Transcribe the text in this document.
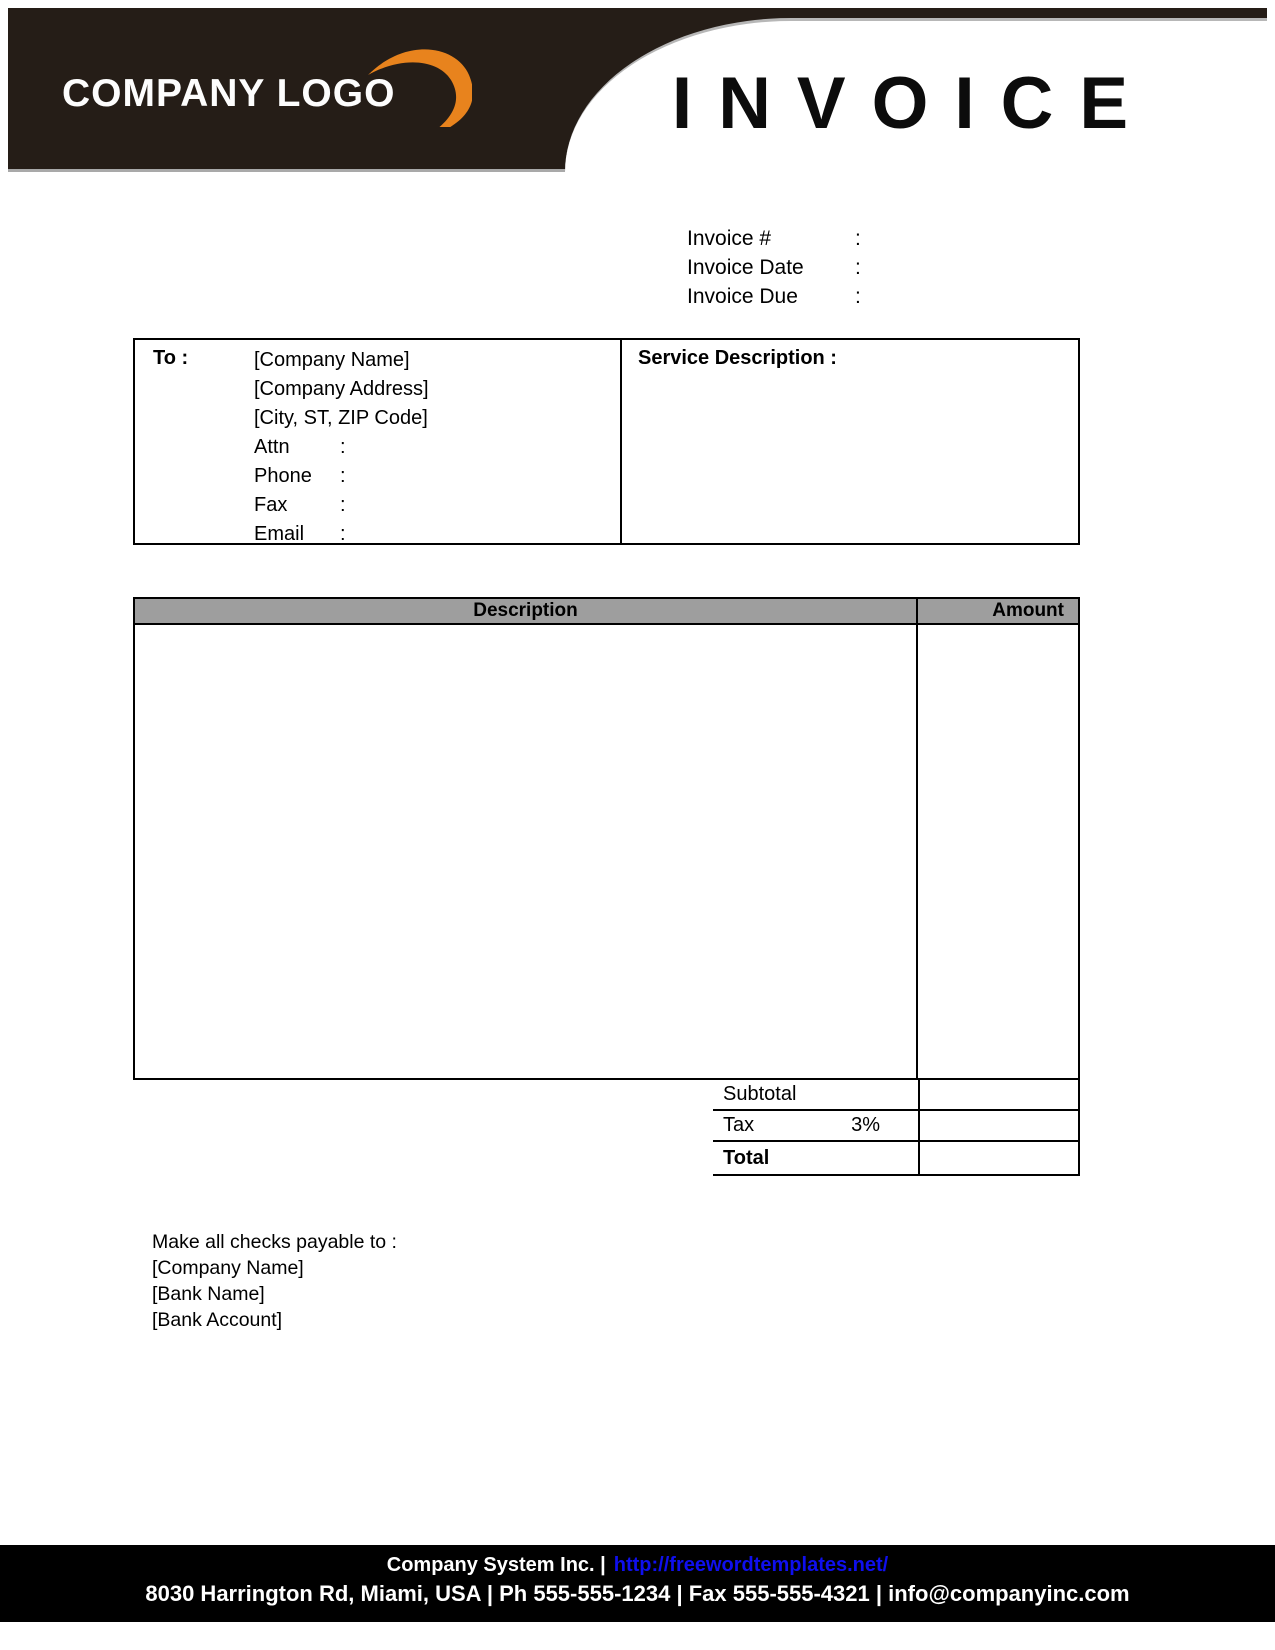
COMPANY LOGO	INVOICE
Invoice #	:
Invoice Date :
Invoice Due	:
To :	[Company Name]
[Company Address]
[City, ST, ZIP Code]
Attn	:
Phone :
Fax	:
Email :
Service Description :
Description	Amount
Subtotal
Tax	3%
Total
Make all checks payable to :
[Company Name]
[Bank Name]
[Bank Account]
Company System Inc. | http://freewordtemplates.net/
8030 Harrington Rd, Miami, USA | Ph 555-555-1234 | Fax 555-555-4321 | info@companyinc.com
